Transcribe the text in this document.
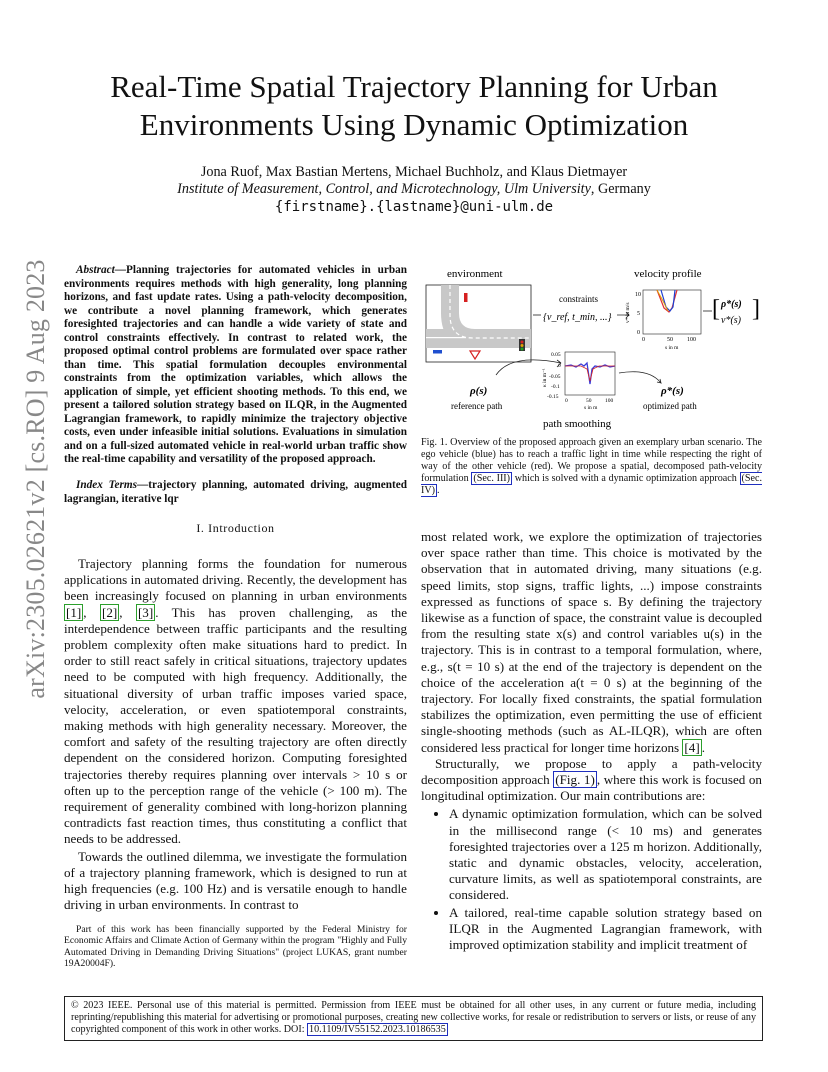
arXiv:2305.02621v2 [cs.RO] 9 Aug 2023
Real-Time Spatial Trajectory Planning for Urban Environments Using Dynamic Optimization
Jona Ruof, Max Bastian Mertens, Michael Buchholz, and Klaus Dietmayer
Institute of Measurement, Control, and Microtechnology, Ulm University, Germany
{firstname}.{lastname}@uni-ulm.de
Abstract—Planning trajectories for automated vehicles in urban environments requires methods with high generality, long planning horizons, and fast update rates. Using a path-velocity decomposition, we contribute a novel planning framework, which generates foresighted trajectories and can handle a wide variety of state and control constraints effectively. In contrast to related work, the proposed optimal control problems are formulated over space rather than time. This spatial formulation decouples environmental constraints from the optimization variables, which allows the application of simple, yet efficient shooting methods. To this end, we present a tailored solution strategy based on ILQR, in the Augmented Lagrangian framework, to rapidly minimize the trajectory objective costs, even under infeasible initial solutions. Evaluations in simulation and on a full-sized automated vehicle in real-world urban traffic show the real-time capability and versatility of the proposed approach.
Index Terms—trajectory planning, automated driving, augmented lagrangian, iterative lqr
I. Introduction

Trajectory planning forms the foundation for numerous applications in automated driving. Recently, the development has been increasingly focused on planning in urban environments [1] , [2] , [3] . This has proven challenging, as the interdependence between traffic participants and the resulting problem complexity often make situations hard to predict. In order to still react safely in critical situations, trajectory updates need to be computed with high frequency. Additionally, the situational diversity of urban traffic imposes varied space, velocity, acceleration, or even spatiotemporal constraints, making methods with high generality necessary. Moreover, the comfort and safety of the resulting trajectory are often directly dependent on the considered horizon. Computing foresighted trajectories thereby requires planning over intervals > 10 s or often up to the perception range of the vehicle (> 100 m). The requirement of generality combined with long-horizon planning contradicts fast reaction times, thus constituting a conflict that needs to be addressed.

Towards the outlined dilemma, we investigate the formulation of a trajectory planning framework, which is designed to run at high frequencies (e.g. 100 Hz) and is versatile enough to handle driving in urban environments. In contrast to

Part of this work has been financially supported by the Federal Ministry for Economic Affairs and Climate Action of Germany within the program "Highly and Fully Automated Driving in Demanding Driving Situations" (project LUKAS, grant number 19A20004F).
environment	velocity profile
constraints
{v_ref, t_min, ...}
10
5
0
0	50 100
s in m
v* in m/s	[ ρ*(s)
v*(s) ]
0.05
0
-0.05
-0.1
-0.15
0	50 100
s in m
κ in m⁻¹
path smoothing
ρ(s)
reference path
ρ*(s)
optimized path
Fig. 1. Overview of the proposed approach given an exemplary urban scenario. The ego vehicle (blue) has to reach a traffic light in time while respecting the right of way of the other vehicle (red). We propose a spatial, decomposed path-velocity formulation (Sec. III) which is solved with a dynamic optimization approach (Sec. IV) .

most related work, we explore the optimization of trajectories over space rather than time. This choice is motivated by the observation that in automated driving, many situations (e.g. speed limits, stop signs, traffic lights, ...) impose constraints expressed as functions of space s. By defining the trajectory likewise as a function of space, the constraint value is decoupled from the resulting state x(s) and control variables u(s) in the trajectory. This is in contrast to a temporal formulation, where, e.g., s(t = 10 s) at the end of the trajectory is dependent on the choice of the acceleration a(t = 0 s) at the beginning of the trajectory. For locally fixed constraints, the spatial formulation stabilizes the optimization, even permitting the use of efficient single-shooting methods (such as AL-ILQR), which are often considered less practical for longer time horizons [4] .

Structurally, we propose to apply a path-velocity decomposition approach (Fig. 1) , where this work is focused on longitudinal optimization. Our main contributions are:

• A dynamic optimization formulation, which can be solved in the millisecond range (< 10 ms) and generates foresighted trajectories over a 125 m horizon. Additionally, static and dynamic obstacles, velocity, acceleration, curvature limits, as well as spatiotemporal constraints, are considered.
• A tailored, real-time capable solution strategy based on ILQR in the Augmented Lagrangian framework, with improved optimization stability and implicit treatment of
© 2023 IEEE. Personal use of this material is permitted. Permission from IEEE must be obtained for all other uses, in any current or future media, including reprinting/republishing this material for advertising or promotional purposes, creating new collective works, for resale or redistribution to servers or lists, or reuse of any copyrighted component of this work in other works. DOI: 10.1109/IV55152.2023.10186535
